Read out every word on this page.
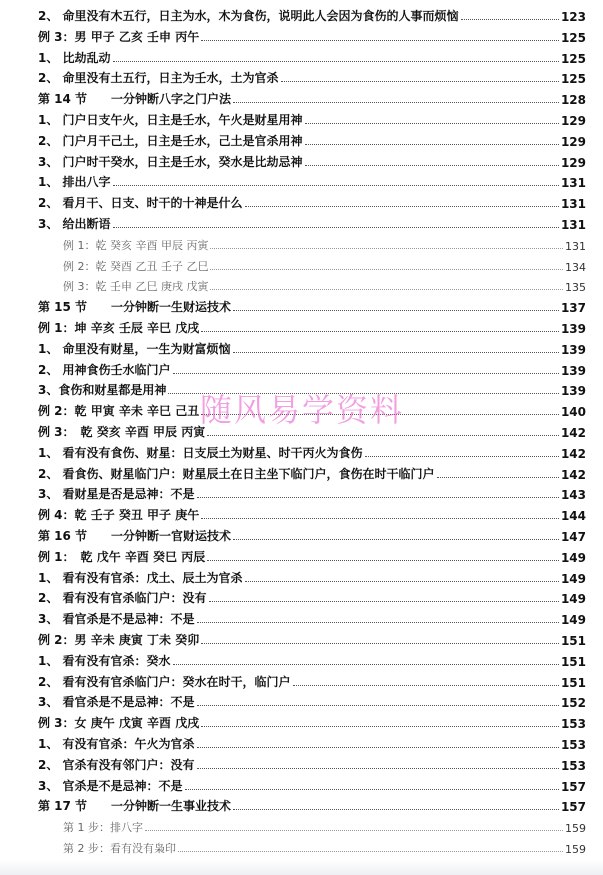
2、 命里没有木五行，日主为水，木为食伤，说明此人会因为食伤的人事而烦恼	123
例 3：男 甲子 乙亥 壬申 丙午	125
1、 比劫乱动	125
2、 命里没有土五行，日主为壬水，土为官杀	125
第 14 节　　一分钟断八字之门户法	128
1、 门户日支午火，日主是壬水，午火是财星用神	129
2、 门户月干己土，日主是壬水，己土是官杀用神	129
3、 门户时干癸水，日主是壬水，癸水是比劫忌神	129
1、 排出八字	131
2、 看月干、日支、时干的十神是什么	131
3、 给出断语	131
例 1：乾 癸亥 辛酉 甲辰 丙寅	131
例 2：乾 癸酉 乙丑 壬子 乙巳	134
例 3：乾 壬申 乙巳 庚戌 戊寅	135
第 15 节　　一分钟断一生财运技术	137
例 1：坤 辛亥 壬辰 辛巳 戊戌	139
1、 命里没有财星，一生为财富烦恼	139
2、 用神食伤壬水临门户	139
3、食伤和财星都是用神	139
例 2：乾 甲寅 辛未 辛巳 己丑	140
例 3：　乾 癸亥 辛酉 甲辰 丙寅	142
1、 看有没有食伤、财星：日支辰土为财星、时干丙火为食伤	142
2、 看食伤、财星临门户：财星辰土在日主坐下临门户，食伤在时干临门户	142
3、 看财星是否是忌神：不是	143
例 4：乾 壬子 癸丑 甲子 庚午	144
第 16 节　　一分钟断一官财运技术	147
例 1：　乾 戊午 辛酉 癸巳 丙辰	149
1、 看有没有官杀：戊土、辰土为官杀	149
2、 看有没有官杀临门户：没有	149
3、 看官杀是不是忌神：不是	149
例 2：男 辛未 庚寅 丁未 癸卯	151
1、 看有没有官杀：癸水	151
2、 看有没有官杀临门户：癸水在时干，临门户	151
3、 看官杀是不是忌神：不是	152
例 3：女 庚午 戊寅 辛酉 戊戌	153
1、 有没有官杀：午火为官杀	153
2、 官杀有没有邻门户：没有	153
3、 官杀是不是忌神：不是	157
第 17 节　　一分钟断一生事业技术	157
第 1 步：排八字	159
第 2 步：看有没有枭印	159
随风易学资料
